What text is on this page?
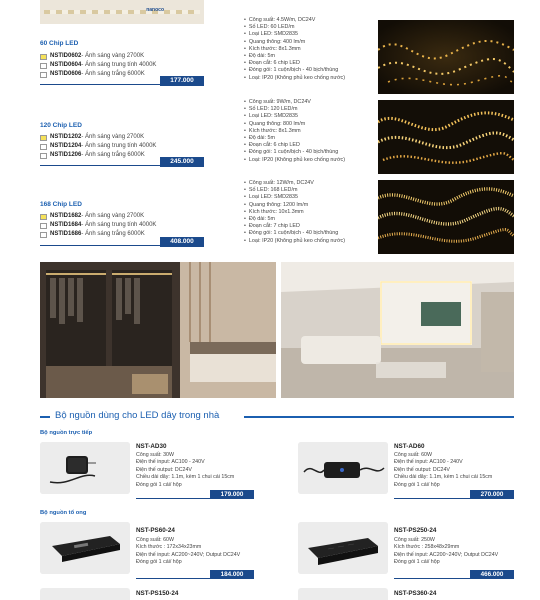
nanoco
60 Chip LED
NSTID0602 - Ánh sáng vàng 2700K
NSTID0604 - Ánh sáng trung tính 4000K
NSTID0606 - Ánh sáng trắng 6000K
177.000
• Công suất: 4.5W/m, DC24V
• Số LED: 60 LED/m
• Loại LED: SMD2835
• Quang thông: 400 lm/m
• Kích thước: 8x1.3mm
• Độ dài: 5m
• Đoạn cắt: 6 chip LED
• Đóng gói: 1 cuộn/bịch - 40 bịch/thùng
• Loại: IP20 (Không phủ keo chống nước)
120 Chip LED
NSTID1202 - Ánh sáng vàng 2700K
NSTID1204 - Ánh sáng trung tính 4000K
NSTID1206 - Ánh sáng trắng 6000K
245.000
• Công suất: 9W/m, DC24V
• Số LED: 120 LED/m
• Loại LED: SMD2835
• Quang thông: 800 lm/m
• Kích thước: 8x1.3mm
• Độ dài: 5m
• Đoạn cắt: 6 chip LED
• Đóng gói: 1 cuộn/bịch - 40 bịch/thùng
• Loại: IP20 (Không phủ keo chống nước)
168 Chip LED
NSTID1682 - Ánh sáng vàng 2700K
NSTID1684 - Ánh sáng trung tính 4000K
NSTID1686 - Ánh sáng trắng 6000K
408.000
• Công suất: 12W/m, DC24V
• Số LED: 168 LED/m
• Loại LED: SMD2835
• Quang thông: 1200 lm/m
• Kích thước: 10x1.3mm
• Độ dài: 5m
• Đoạn cắt: 7 chip LED
• Đóng gói: 1 cuộn/bịch - 40 bịch/thùng
• Loại: IP20 (Không phủ keo chống nước)
Bộ nguồn dùng cho LED dây trong nhà
Bộ nguồn trực tiếp
NST-AD30
Công suất: 30W
Điện thế input: AC100 - 240V
Điện thế output: DC24V
Chiều dài dây: 1.1m, kèm 1 chui cái 15cm
Đóng gói 1 cái/ hộp
179.000
NST-AD60
Công suất: 60W
Điện thế input: AC100 - 240V
Điện thế output: DC24V
Chiều dài dây: 1.1m, kèm 1 chui cái 15cm
Đóng gói 1 cái/ hộp
270.000
Bộ nguồn tổ ong
NST-PS60-24
Công suất: 60W
Kích thước : 172x34x23mm
Điện thế input: AC200~240V; Output DC24V
Đóng gói 1 cái/ hộp
184.000
NST-PS250-24
Công suất: 250W
Kích thước : 258x48x29mm
Điện thế input: AC200~240V; Output DC24V
Đóng gói 1 cái/ hộp
466.000
NST-PS150-24	NST-PS360-24
